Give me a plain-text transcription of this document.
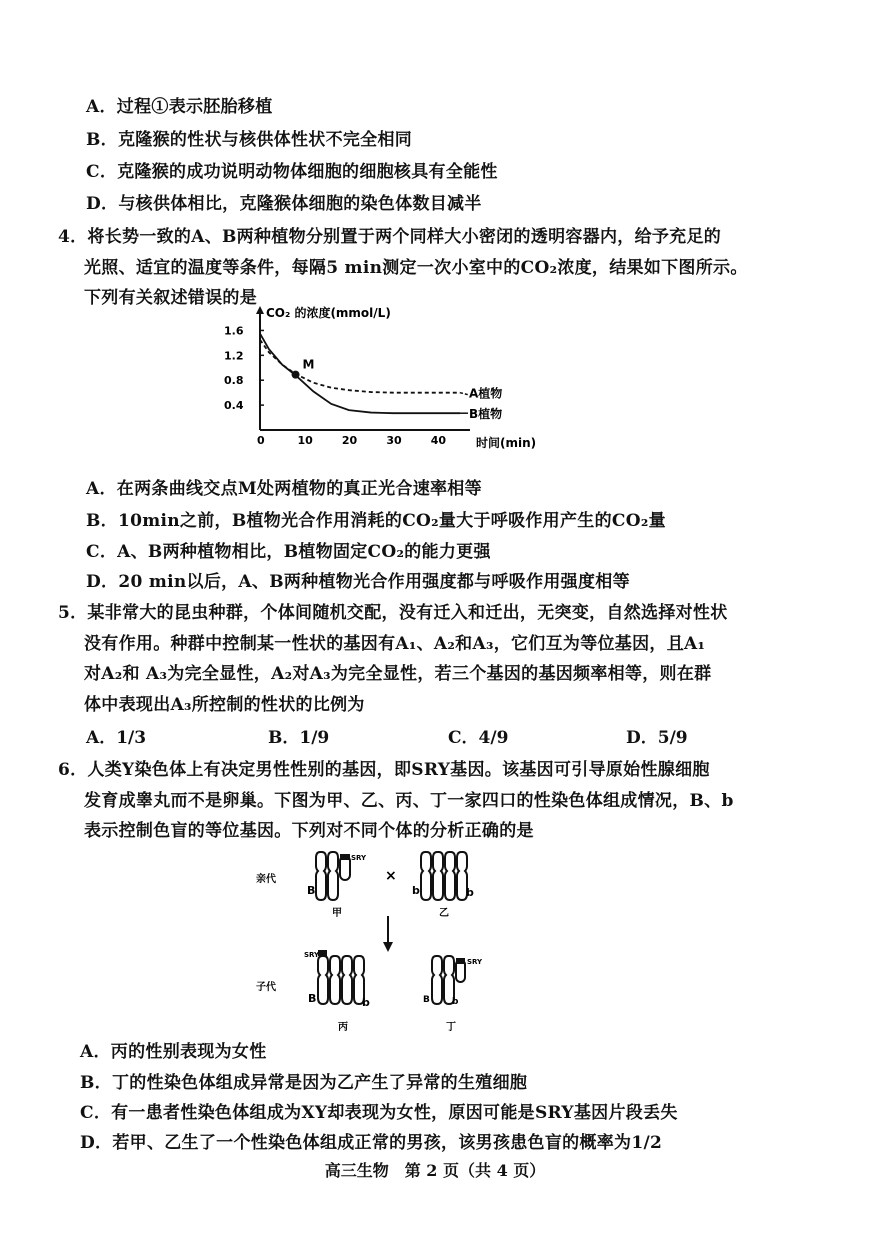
A．过程①表示胚胎移植
B．克隆猴的性状与核供体性状不完全相同
C．克隆猴的成功说明动物体细胞的细胞核具有全能性
D．与核供体相比，克隆猴体细胞的染色体数目减半
4．将长势一致的A、B两种植物分别置于两个同样大小密闭的透明容器内，给予充足的
光照、适宜的温度等条件，每隔5 min测定一次小室中的CO₂浓度，结果如下图所示。
下列有关叙述错误的是
0.4
0.8
1.2
1.6
0	10	20	30	40
CO₂ 的浓度(mmol/L)
时间(min)
A植物
B植物
M
A．在两条曲线交点M处两植物的真正光合速率相等
B．10min之前，B植物光合作用消耗的CO₂量大于呼吸作用产生的CO₂量
C．A、B两种植物相比，B植物固定CO₂的能力更强
D．20 min以后，A、B两种植物光合作用强度都与呼吸作用强度相等
5．某非常大的昆虫种群，个体间随机交配，没有迁入和迁出，无突变，自然选择对性状
没有作用。种群中控制某一性状的基因有A₁、A₂和A₃，它们互为等位基因，且A₁
对A₂和 A₃为完全显性，A₂对A₃为完全显性，若三个基因的基因频率相等，则在群
体中表现出A₃所控制的性状的比例为
A．1/3	B．1/9	C．4/9	D．5/9
6．人类Y染色体上有决定男性性别的基因，即SRY基因。该基因可引导原始性腺细胞
发育成睾丸而不是卵巢。下图为甲、乙、丙、丁一家四口的性染色体组成情况，B、b
表示控制色盲的等位基因。下列对不同个体的分析正确的是
亲代
子代
SRY
B
甲
×
b	b
乙
SRY
B	b
丙
SRY
B b
丁
A．丙的性别表现为女性
B．丁的性染色体组成异常是因为乙产生了异常的生殖细胞
C．有一患者性染色体组成为XY却表现为女性，原因可能是SRY基因片段丢失
D．若甲、乙生了一个性染色体组成正常的男孩，该男孩患色盲的概率为1/2
高三生物　第 2 页（共 4 页）
